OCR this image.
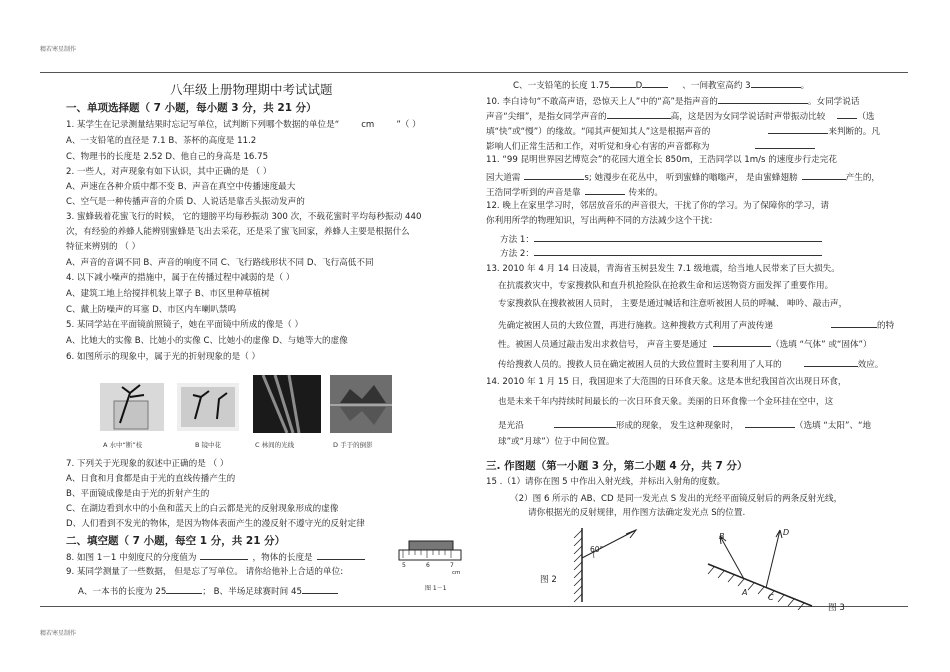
精若寒星制作
精若寒星制作
八年级上册物理期中考试试题
一、单项选择题（ 7 小题，每小题 3 分，共 21 分）
1. 某学生在记录测量结果时忘记写单位，试判断下列哪个数据的单位是“	cm	”（ ）
A、一支铅笔的直径是 7.1 B、茶杯的高度是 11.2
C、物理书的长度是 2.52 D、他自己的身高是 16.75
2. 一些人，对声现象有如下认识，其中正确的是 （ ）
A、声速在各种介质中都不变 B、声音在真空中传播速度最大
C、空气是一种传播声音的介质 D、人说话是靠舌头振动发声的
3. 蜜蜂载着花蜜飞行的时候， 它的翅膀平均每秒振动 300 次，不载花蜜时平均每秒振动 440
次，有经验的养蜂人能辨别蜜蜂是飞出去采花，还是采了蜜飞回家，养蜂人主要是根据什么
特征来辨别的 （ ）
A、声音的音调不同 B、声音的响度不同 C、飞行路线形状不同 D、飞行高低不同
4. 以下减小噪声的措施中，属于在传播过程中减弱的是（ ）
A、建筑工地上给搅拌机装上罩子 B、市区里种草植树
C、戴上防噪声的耳塞 D、市区内车喇叭禁鸣
5. 某同学站在平面镜前照镜子，她在平面镜中所成的像是（ ）
A、比她大的实像 B、比她小的实像 C、比她小的虚像 D、与她等大的虚像
6. 如图所示的现象中，属于光的折射现象的是（ ）
A 水中“断”枝	B 镜中花	C 林间的光线	D 手于的倒影
7. 下列关于光现象的叙述中正确的是 （ ）
A、日食和月食都是由于光的直线传播产生的
B、平面镜成像是由于光的折射产生的
C、在湖边看到水中的小鱼和蓝天上的白云都是光的反射现象形成的虚像
D、人们看到不发光的物体，是因为物体表面产生的漫反射不遵守光的反射定律
二、填空题（ 7 小题，每空 1 分，共 21 分）
8. 如图 1－1 中刻度尺的分度值为	，物体的长度是
9. 某同学测量了一些数据， 但是忘了写单位。 请你给他补上合适的单位:
A、一本书的长度为 25	； B、半场足球赛时间 45
5	6	7
cm
图 1－1
C、一支铅笔的长度 1.75	D	、一间教室高约 3	。
10. 李白诗句“不敢高声语，恐惊天上人”中的“高”是指声音的	。女同学说话
声音“尖细”，是指女同学声音的	高，这是因为女同学说话时声带振动比较	（选
填“快”或“慢”）的缘故。“闻其声便知其人”这是根据声音的	来判断的。凡
影响人们正常生活和工作，对听觉和身心有害的声音都称为
11. “99 昆明世界园艺博览会”的花园大道全长 850m，王浩同学以 1m/s 的速度步行走完花
园大道需	s; 她漫步在花丛中， 听到蜜蜂的嗡嗡声， 是由蜜蜂翅膀	产生的，
王浩同学听到的声音是靠	传来的。
12. 晚上在家里学习时，邻居放音乐的声音很大，干扰了你的学习。为了保障你的学习，请
你利用所学的物理知识，写出两种不同的方法减少这个干扰:
方法 1：
方法 2：
13. 2010 年 4 月 14 日凌晨，青海省玉树县发生 7.1 级地震，给当地人民带来了巨大损失。
在抗震救灾中，专家搜救队和直升机抢险队在抢救生命和运送物资方面发挥了重要作用。
专家搜救队在搜救被困人员时， 主要是通过喊话和注意听被困人员的呼喊、 呻吟、敲击声，
先确定被困人员的大致位置，再进行施救。这种搜救方式利用了声波传递	的特
性。被困人员通过敲击发出求救信号， 声音主要是通过	（选填 “气体” 或“固体”）
传给搜救人员的。搜救人员在确定被困人员的大致位置时主要利用了人耳的	效应。
14. 2010 年 1 月 15 日，我国迎来了大范围的日环食天象。这是本世纪我国首次出现日环食，
也是未来千年内持续时间最长的一次日环食天象。美丽的日环食像一个金环挂在空中，这
是光沿	形成的现象， 发生这种现象时，	（选填 “太阳”、“地
球”或“月球”）位于中间位置。
三. 作图题（第一小题 3 分，第二小题 4 分，共 7 分）
15 .（1）请你在图 5 中作出入射光线，并标出入射角的度数。
（2）图 6 所示的 AB、CD 是同一发光点 S 发出的光经平面镜反射后的两条反射光线，
请你根据光的反射规律，用作图方法确定发光点 S的位置.
60°
图 2
B	D
A
C
图 3
